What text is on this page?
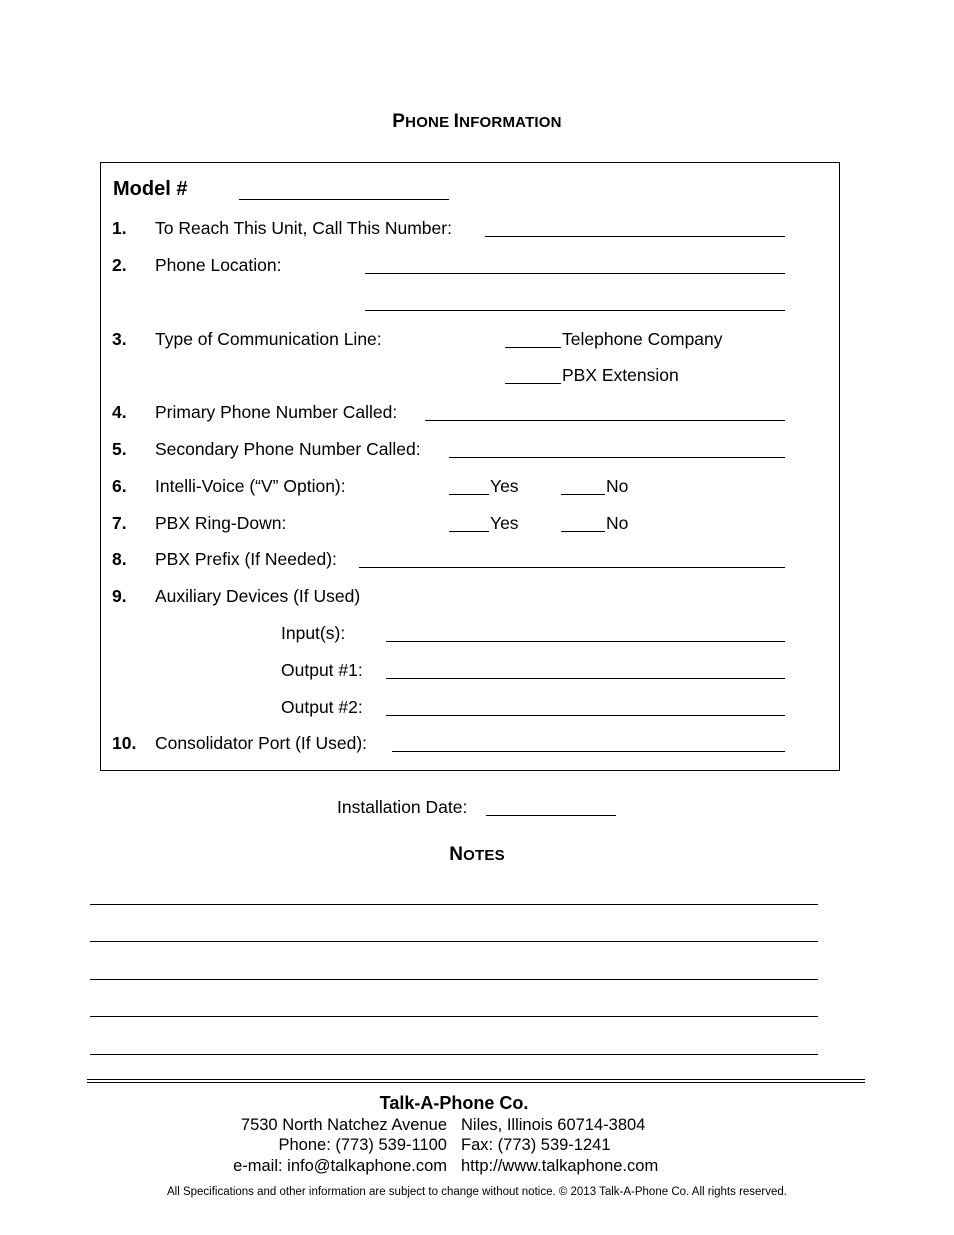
PHONE INFORMATION
Model #
1. To Reach This Unit, Call This Number:
2. Phone Location:
3. Type of Communication Line:	Telephone Company
PBX Extension
4. Primary Phone Number Called:
5. Secondary Phone Number Called:
6. Intelli-Voice (“V” Option):	Yes	No
7. PBX Ring-Down:	Yes	No
8. PBX Prefix (If Needed):
9. Auxiliary Devices (If Used)
Input(s):
Output #1:
Output #2:
10. Consolidator Port (If Used):
Installation Date:
NOTES
Talk-A-Phone Co.
7530 North Natchez Avenue Niles, Illinois 60714-3804
Phone: (773) 539-1100 Fax: (773) 539-1241
e-mail: info@talkaphone.com http://www.talkaphone.com
All Specifications and other information are subject to change without notice. © 2013 Talk-A-Phone Co. All rights reserved.
